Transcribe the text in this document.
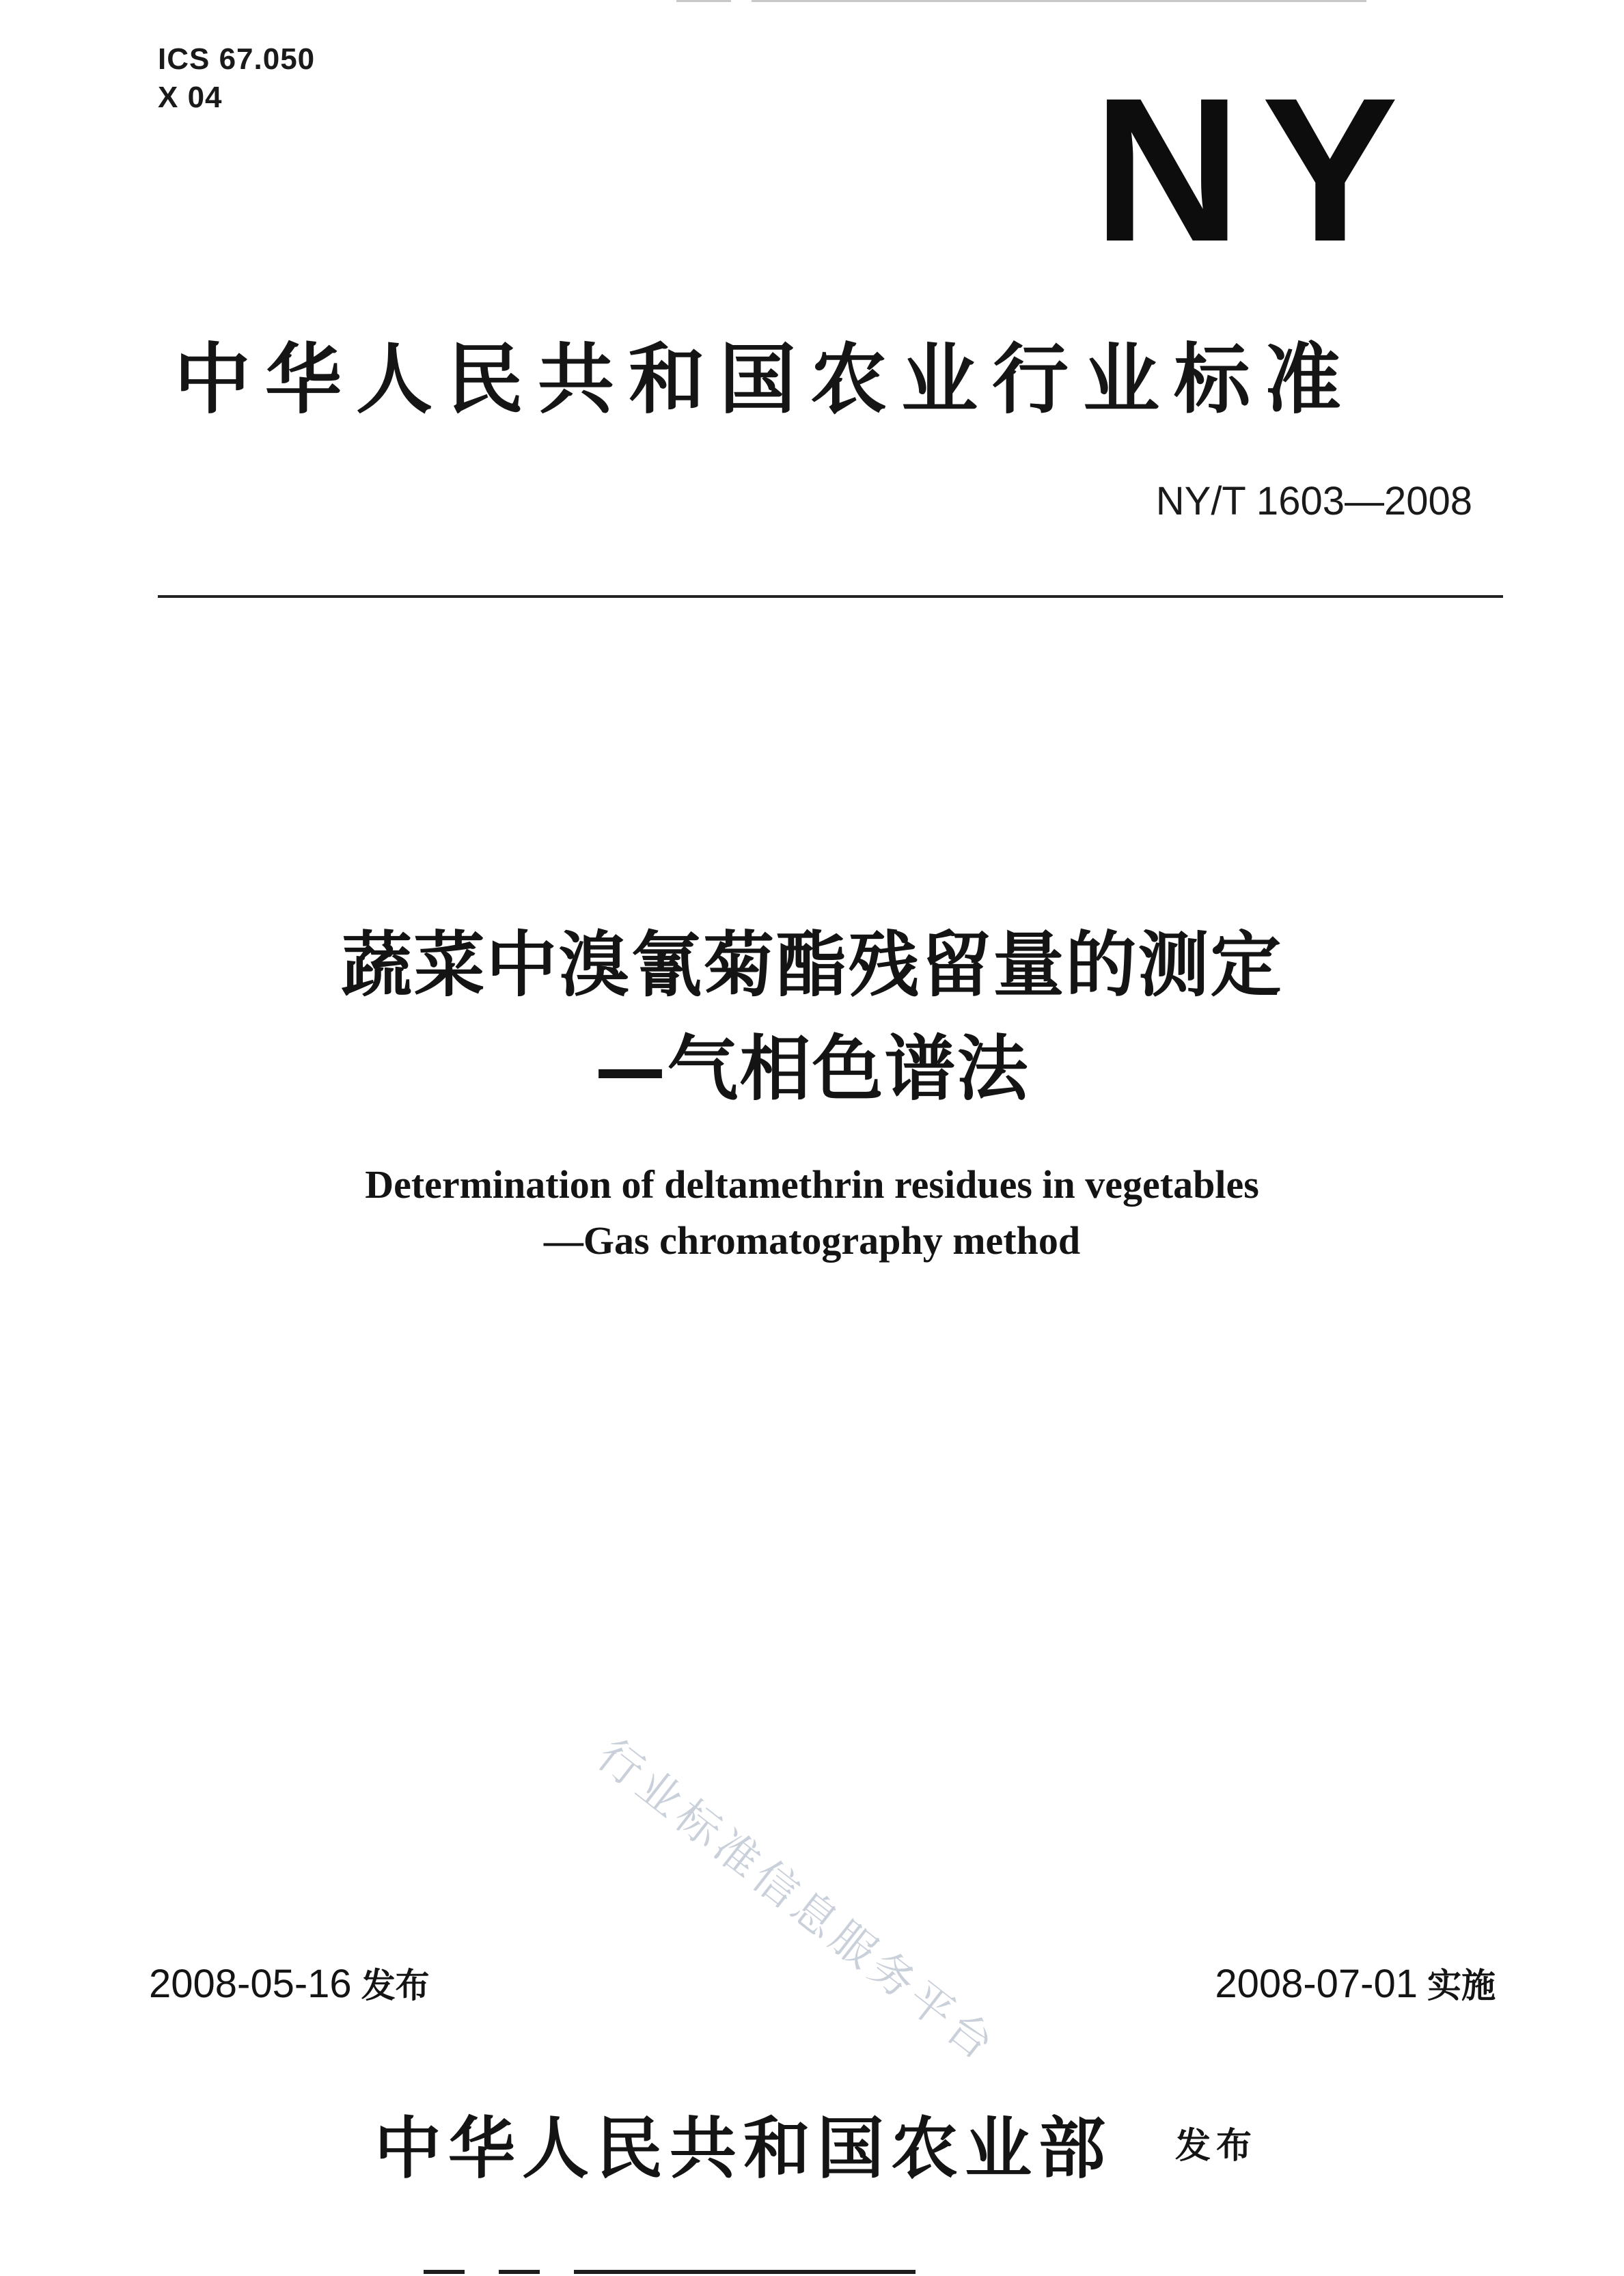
ICS 67.050
X 04	NY
中华人民共和国农业行业标准
NY/T 1603—2008
蔬菜中溴氰菊酯残留量的测定
—气相色谱法
Determination of deltamethrin residues in vegetables
—Gas chromatography method
行业标准信息服务平台
2008-05-16 发布	2008-07-01 实施
中华人民共和国农业部 发布
